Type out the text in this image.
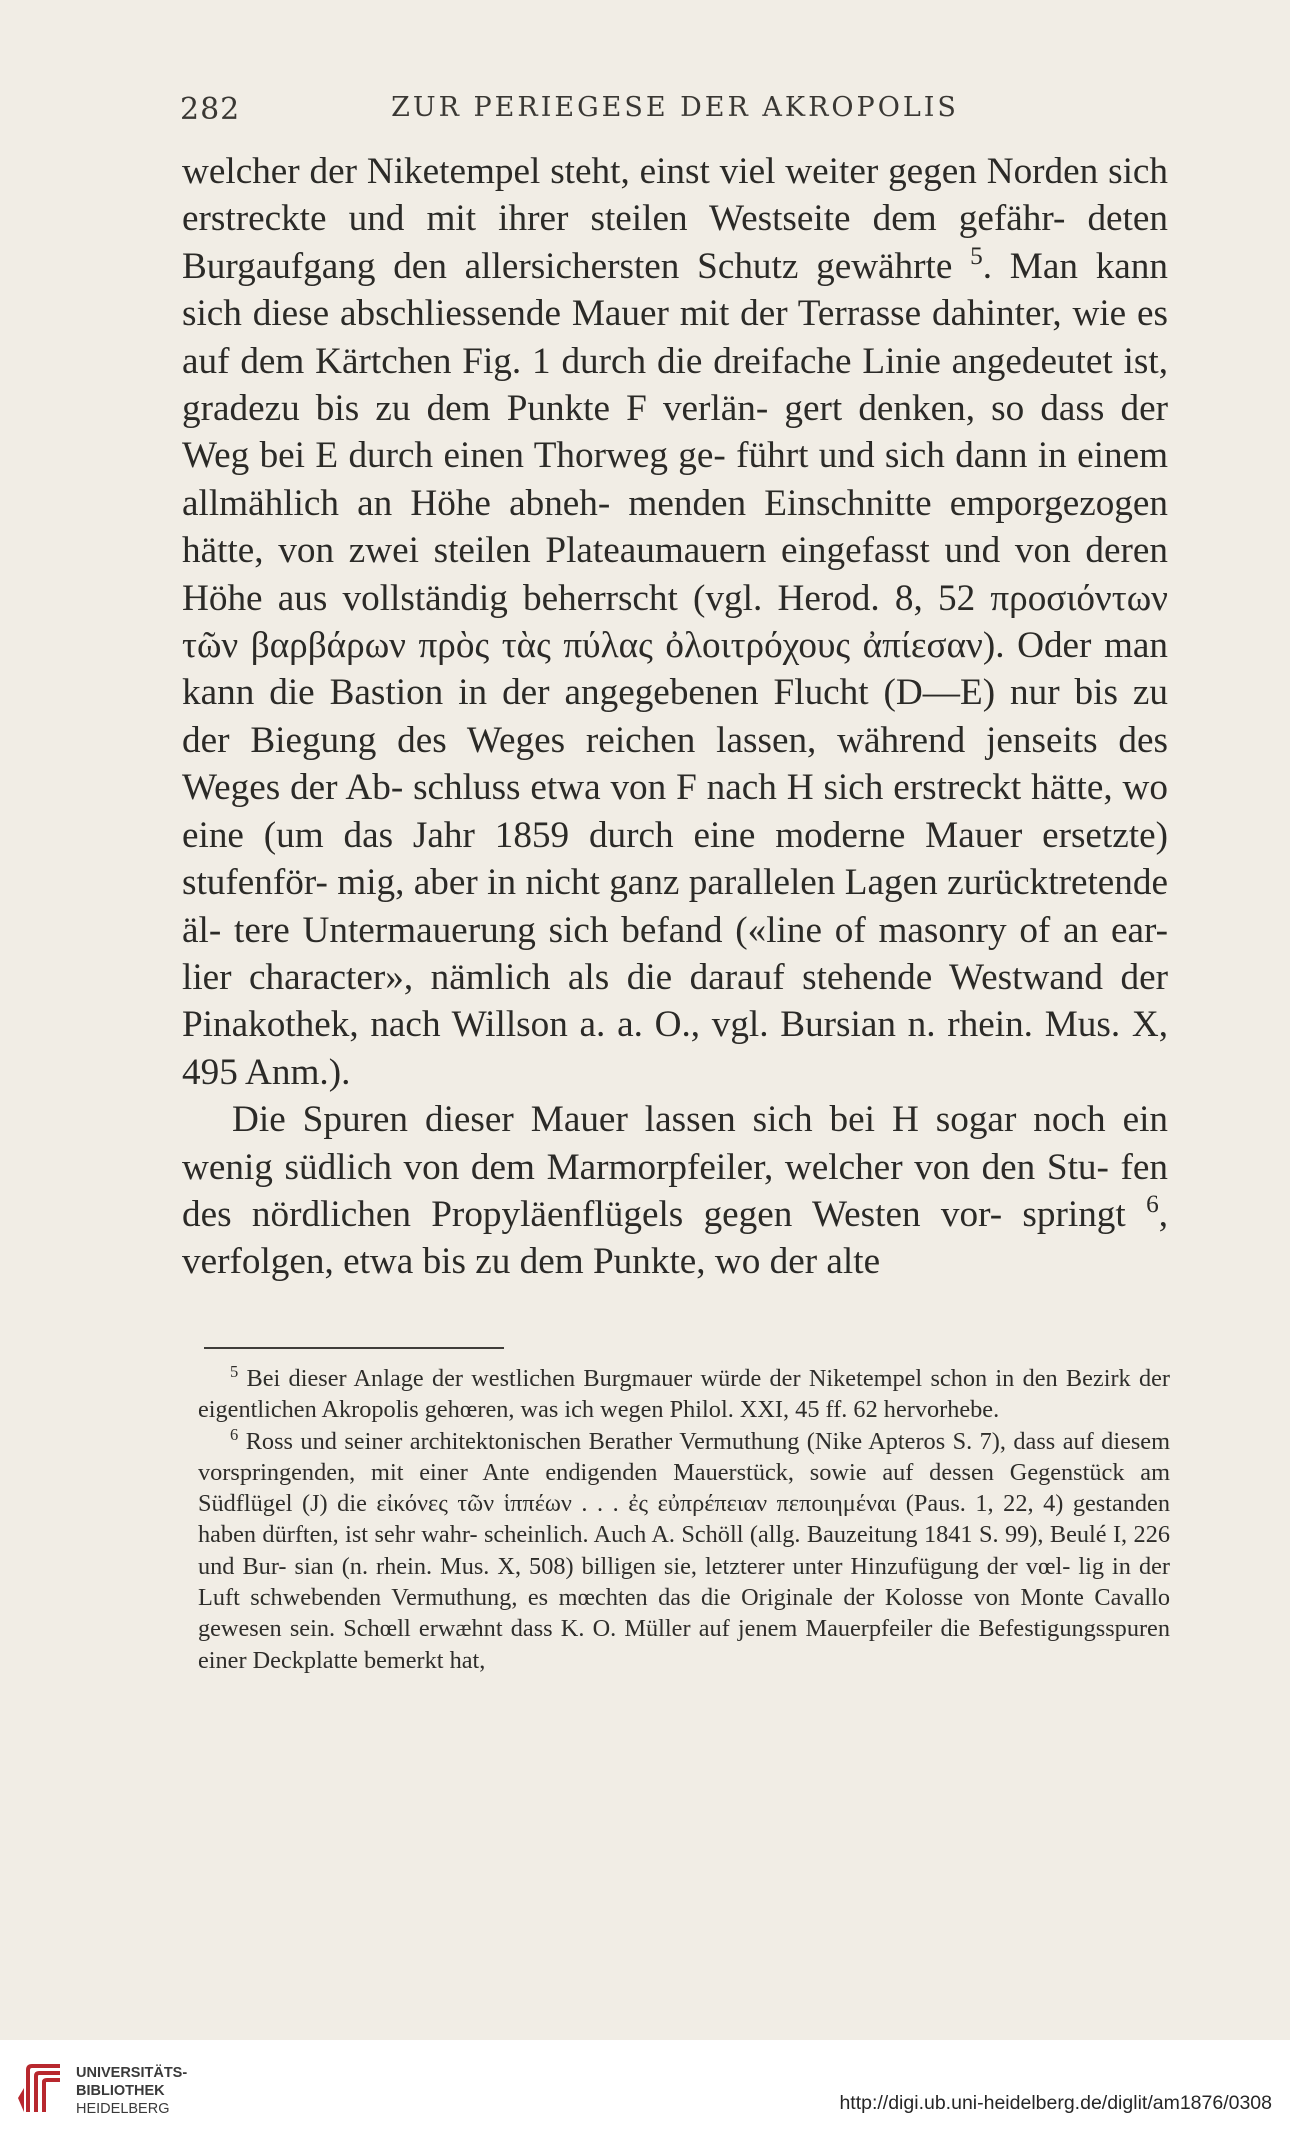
282	ZUR PERIEGESE DER AKROPOLIS

welcher der Niketempel steht, einst viel weiter gegen Norden sich erstreckte und mit ihrer steilen Westseite dem gefähr- deten Burgaufgang den allersichersten Schutz gewährte $^5$. Man kann sich diese abschliessende Mauer mit der Terrasse dahinter, wie es auf dem Kärtchen Fig. 1 durch die dreifache Linie angedeutet ist, gradezu bis zu dem Punkte F verlän- gert denken, so dass der Weg bei E durch einen Thorweg ge- führt und sich dann in einem allmählich an Höhe abneh- menden Einschnitte emporgezogen hätte, von zwei steilen Plateaumauern eingefasst und von deren Höhe aus vollständig beherrscht (vgl. Herod. 8, 52 προσιόντων τῶν βαρβάρων πρὸς τὰς πύλας ὀλοιτρόχους ἀπίεσαν). Oder man kann die Bastion in der angegebenen Flucht (D—E) nur bis zu der Biegung des Weges reichen lassen, während jenseits des Weges der Ab- schluss etwa von F nach H sich erstreckt hätte, wo eine (um das Jahr 1859 durch eine moderne Mauer ersetzte) stufenför- mig, aber in nicht ganz parallelen Lagen zurücktretende äl- tere Untermauerung sich befand («line of masonry of an ear- lier character», nämlich als die darauf stehende Westwand der Pinakothek, nach Willson a. a. O., vgl. Bursian n. rhein. Mus. X, 495 Anm.).

Die Spuren dieser Mauer lassen sich bei H sogar noch ein wenig südlich von dem Marmorpfeiler, welcher von den Stu- fen des nördlichen Propyläenflügels gegen Westen vor- springt $^6$, verfolgen, etwa bis zu dem Punkte, wo der alte

$^5$ Bei dieser Anlage der westlichen Burgmauer würde der Niketempel schon in den Bezirk der eigentlichen Akropolis gehœren, was ich wegen Philol. XXI, 45 ff. 62 hervorhebe.

$^6$ Ross und seiner architektonischen Berather Vermuthung (Nike Apteros S. 7), dass auf diesem vorspringenden, mit einer Ante endigenden Mauerstück, sowie auf dessen Gegenstück am Südflügel (J) die εἰκόνες τῶν ἱππέων . . . ἐς εὐπρέπειαν πεποιημέναι (Paus. 1, 22, 4) gestanden haben dürften, ist sehr wahr- scheinlich. Auch A. Schöll (allg. Bauzeitung 1841 S. 99), Beulé I, 226 und Bur- sian (n. rhein. Mus. X, 508) billigen sie, letzterer unter Hinzufügung der vœl- lig in der Luft schwebenden Vermuthung, es mœchten das die Originale der Kolosse von Monte Cavallo gewesen sein. Schœll erwæhnt dass K. O. Müller auf jenem Mauerpfeiler die Befestigungsspuren einer Deckplatte bemerkt hat,

UNIVERSITÄTS-
BIBLIOTHEK
HEIDELBERG	http://digi.ub.uni-heidelberg.de/diglit/am1876/0308
